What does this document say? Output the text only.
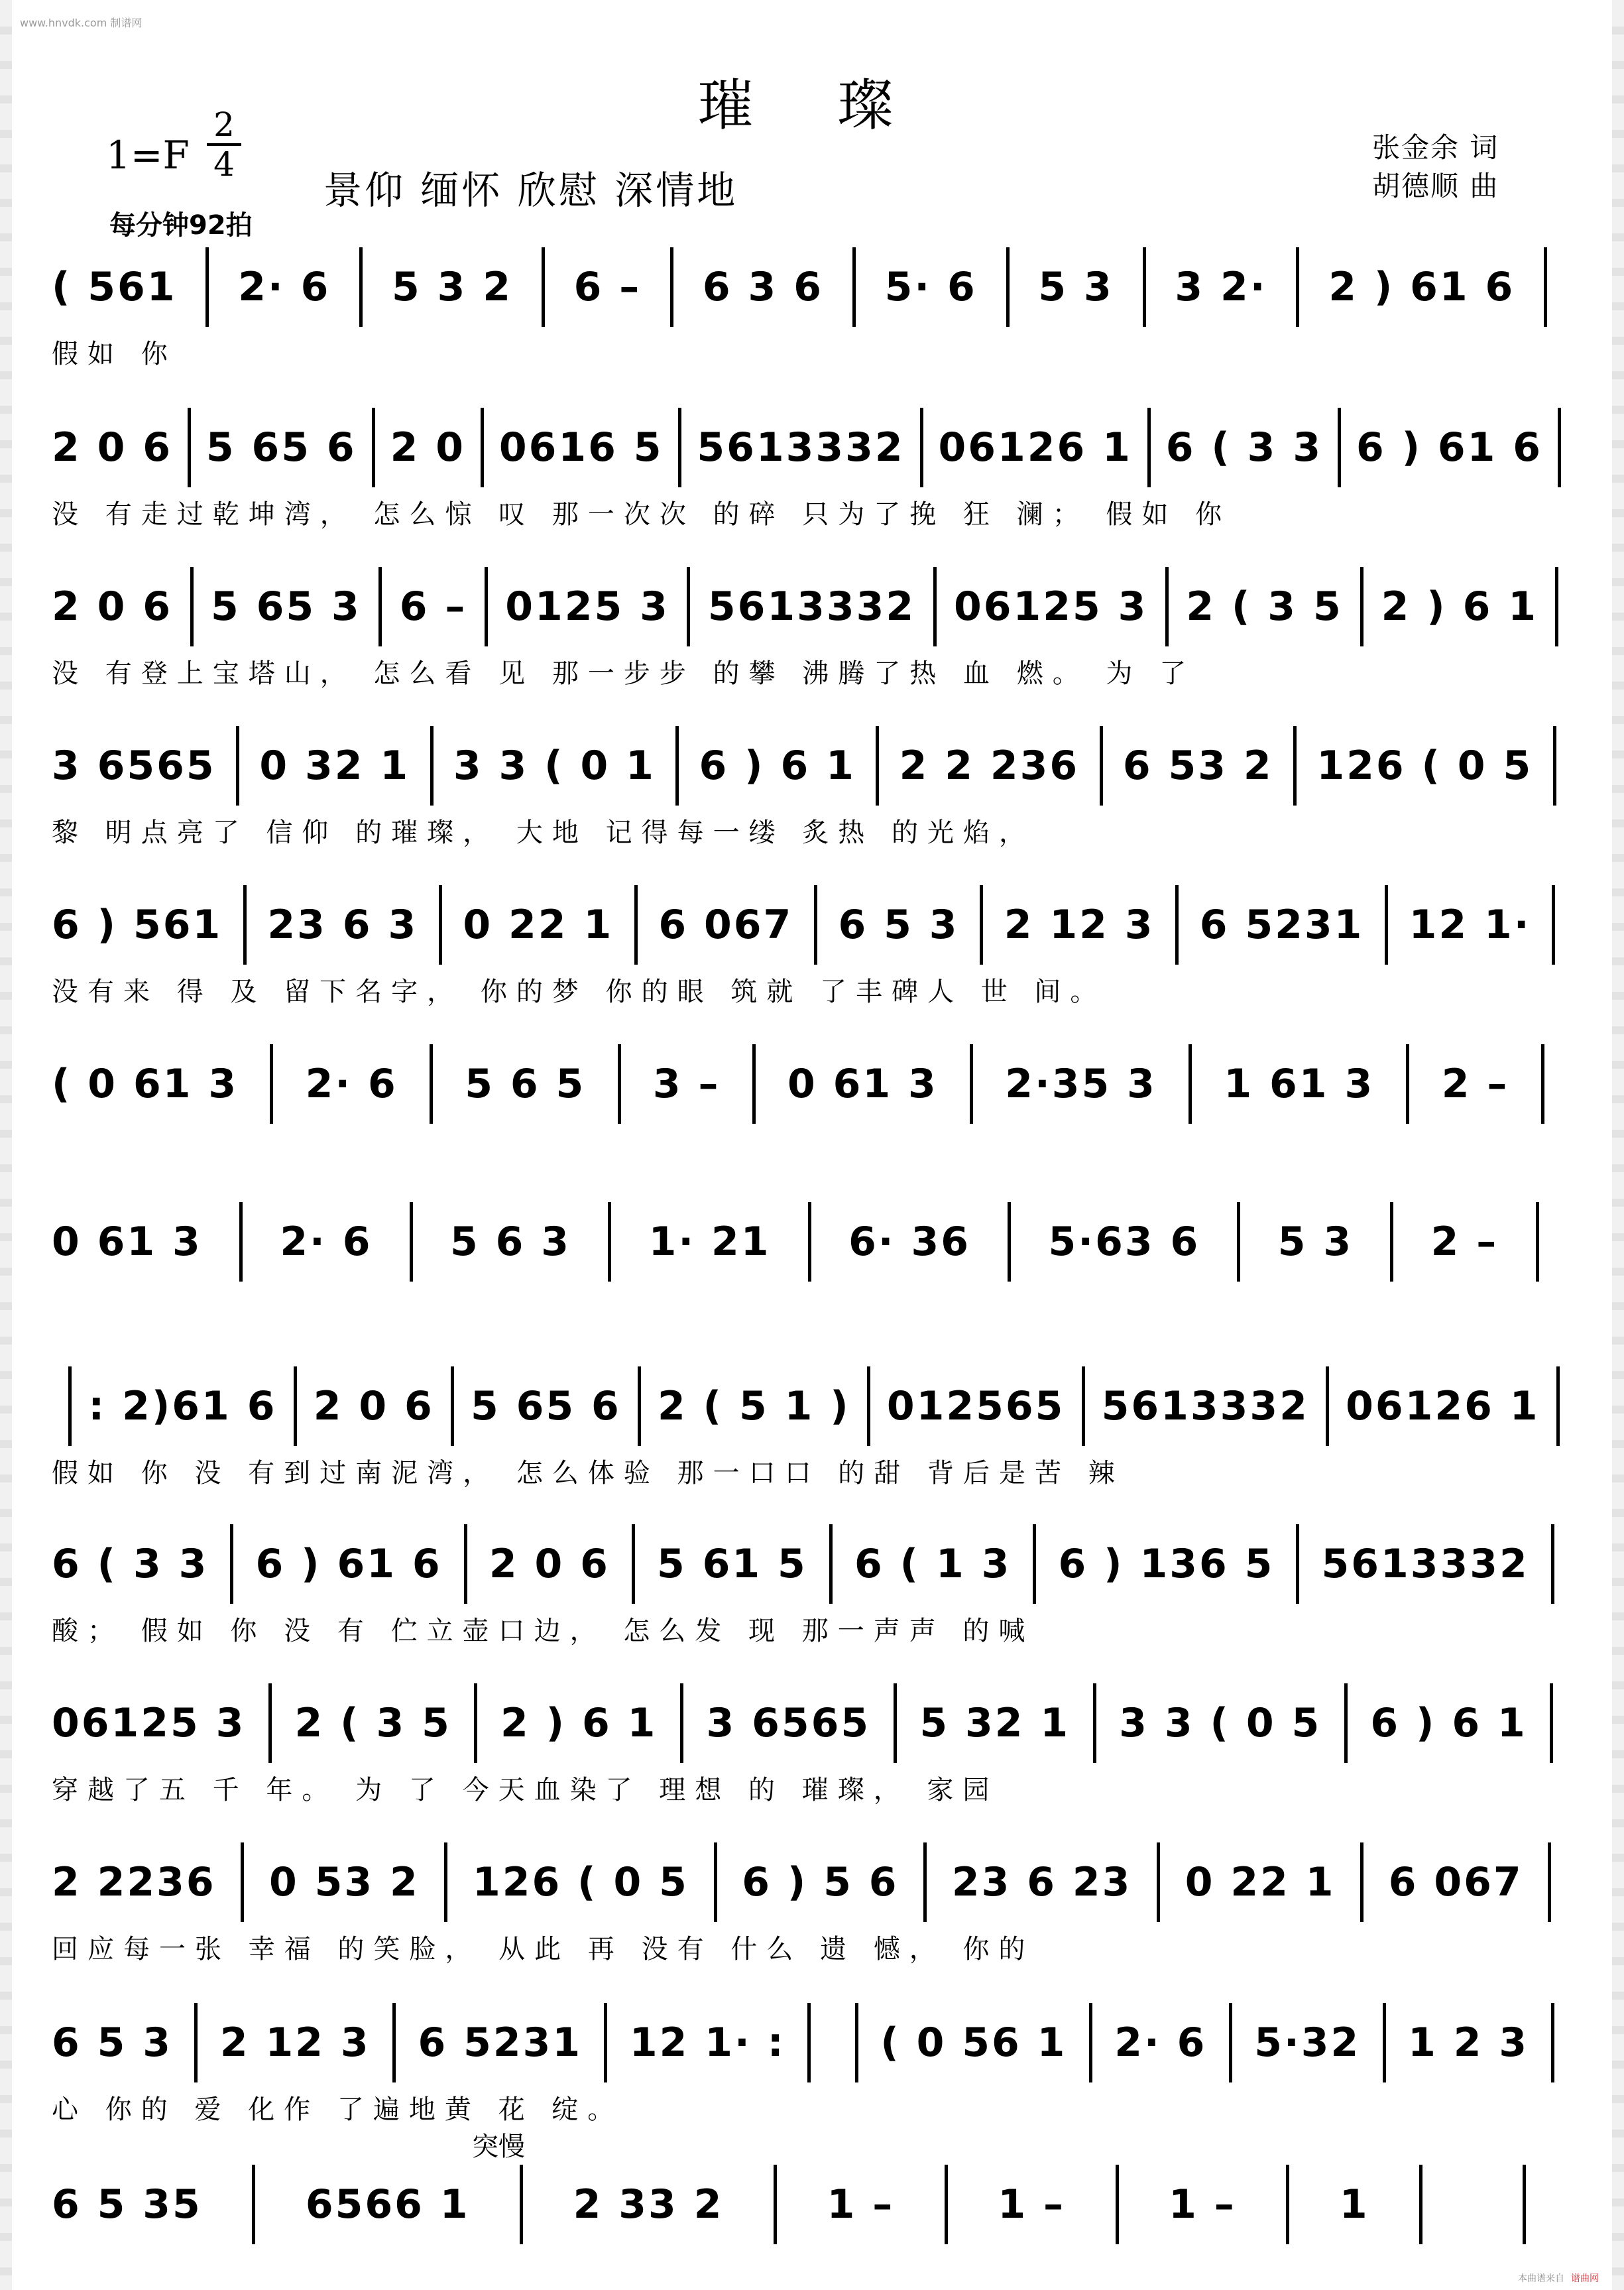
www.hnvdk.com 制谱网
璀 璨
$1=F \frac{2}{4}$
每分钟92拍
景仰 缅怀 欣慰 深情地
张金余 词
胡德顺 曲
( 561 2· 6 5 3 2 6 – 6 3 6 5· 6 5 3 3 2· 2 ) 61 6
假如 你
2 0 6 5 65 6 2 0 0616 5 5613332 06126 1 6 ( 3 3 6 ) 61 6
没 有走过乾坤湾， 怎么惊 叹 那一次次 的碎 只为了挽 狂 澜； 假如 你
2 0 6 5 65 3 6 – 0125 3 5613332 06125 3 2 ( 3 5 2 ) 6 1
没 有登上宝塔山， 怎么看 见 那一步步 的攀 沸腾了热 血 燃。 为 了
3 6565 0 32 1 3 3 ( 0 1 6 ) 6 1 2 2 236 6 53 2 126 ( 0 5
黎 明点亮了 信仰 的璀璨， 大地 记得每一缕 炙热 的光焰，
6 ) 561 23 6 3 0 22 1 6 067 6 5 3 2 12 3 6 5231 12 1·
没有来 得 及 留下名字， 你的梦 你的眼 筑就 了丰碑人 世 间。
( 0 61 3 2· 6 5 6 5 3 – 0 61 3 2·35 3 1 61 3 2 –
0 61 3 2· 6 5 6 3 1· 21 6· 36 5·63 6 5 3 2 –
: 2)61 6 2 0 6 5 65 6 2 ( 5 1 ) 012565 5613332 06126 1
假如 你 没 有到过南泥湾， 怎么体验 那一口口 的甜 背后是苦 辣
6 ( 3 3 6 ) 61 6 2 0 6 5 61 5 6 ( 1 3 6 ) 136 5 5613332
酸； 假如 你 没 有 伫立壶口边， 怎么发 现 那一声声 的喊
06125 3 2 ( 3 5 2 ) 6 1 3 6565 5 32 1 3 3 ( 0 5 6 ) 6 1
穿越了五 千 年。 为 了 今天血染了 理想 的 璀璨， 家园
2 2236 0 53 2 126 ( 0 5 6 ) 5 6 23 6 23 0 22 1 6 067
回应每一张 幸福 的笑脸， 从此 再 没有 什么 遗 憾， 你的
6 5 3 2 12 3 6 5231 12 1· : ( 0 56 1 2· 6 5·32 1 2 3
心 你的 爱 化作 了遍地黄 花 绽。
6 5 35	6566 1	2 33 2	1 –	1 –	1 –	1
突慢
本曲谱来自 谱曲网
